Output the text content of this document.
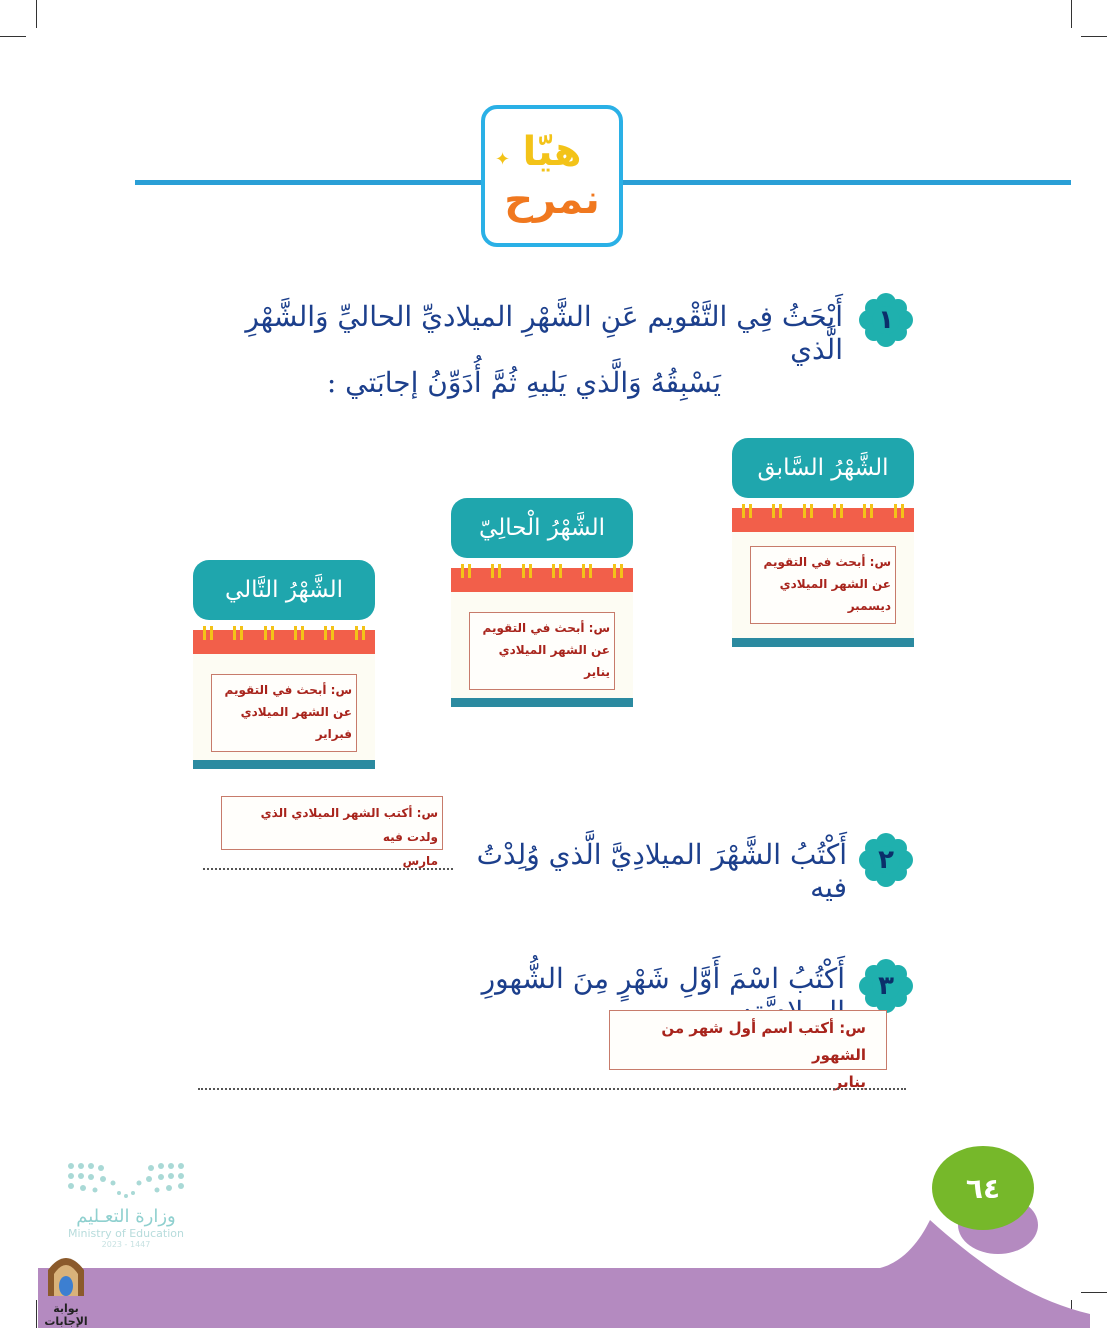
✦ هيّا
نمرح
١
أَبْحَثُ فِي التَّقْويم عَنِ الشَّهْرِ الميلاديِّ الحاليِّ وَالشَّهْرِ الَّذي
يَسْبِقُهُ وَالَّذي يَليهِ ثُمَّ أُدَوِّنُ إجابَتي :
الشَّهْرُ السَّابق
س: أبحث في التقويم عن الشهر الميلادي
ديسمبر
الشَّهْرُ الْحالِيّ
س: أبحث في التقويم عن الشهر الميلادي
يناير
الشَّهْرُ التَّالي
س: أبحث في التقويم عن الشهر الميلادي
فبراير
س: أكتب الشهر الميلادي الذي ولدت فيه
مارس	٢
أَكْتُبُ الشَّهْرَ الميلادِيَّ الَّذي وُلِدْتُ فيه
٣
أَكْتُبُ اسْمَ أَوَّلِ شَهْرٍ مِنَ الشُّهورِ
س: أكتب اسم أول شهر من الشهور
يناير
٦٤
وزارة التعـليم
Ministry of Education
2023 - 1447
بوابة الإجابات
